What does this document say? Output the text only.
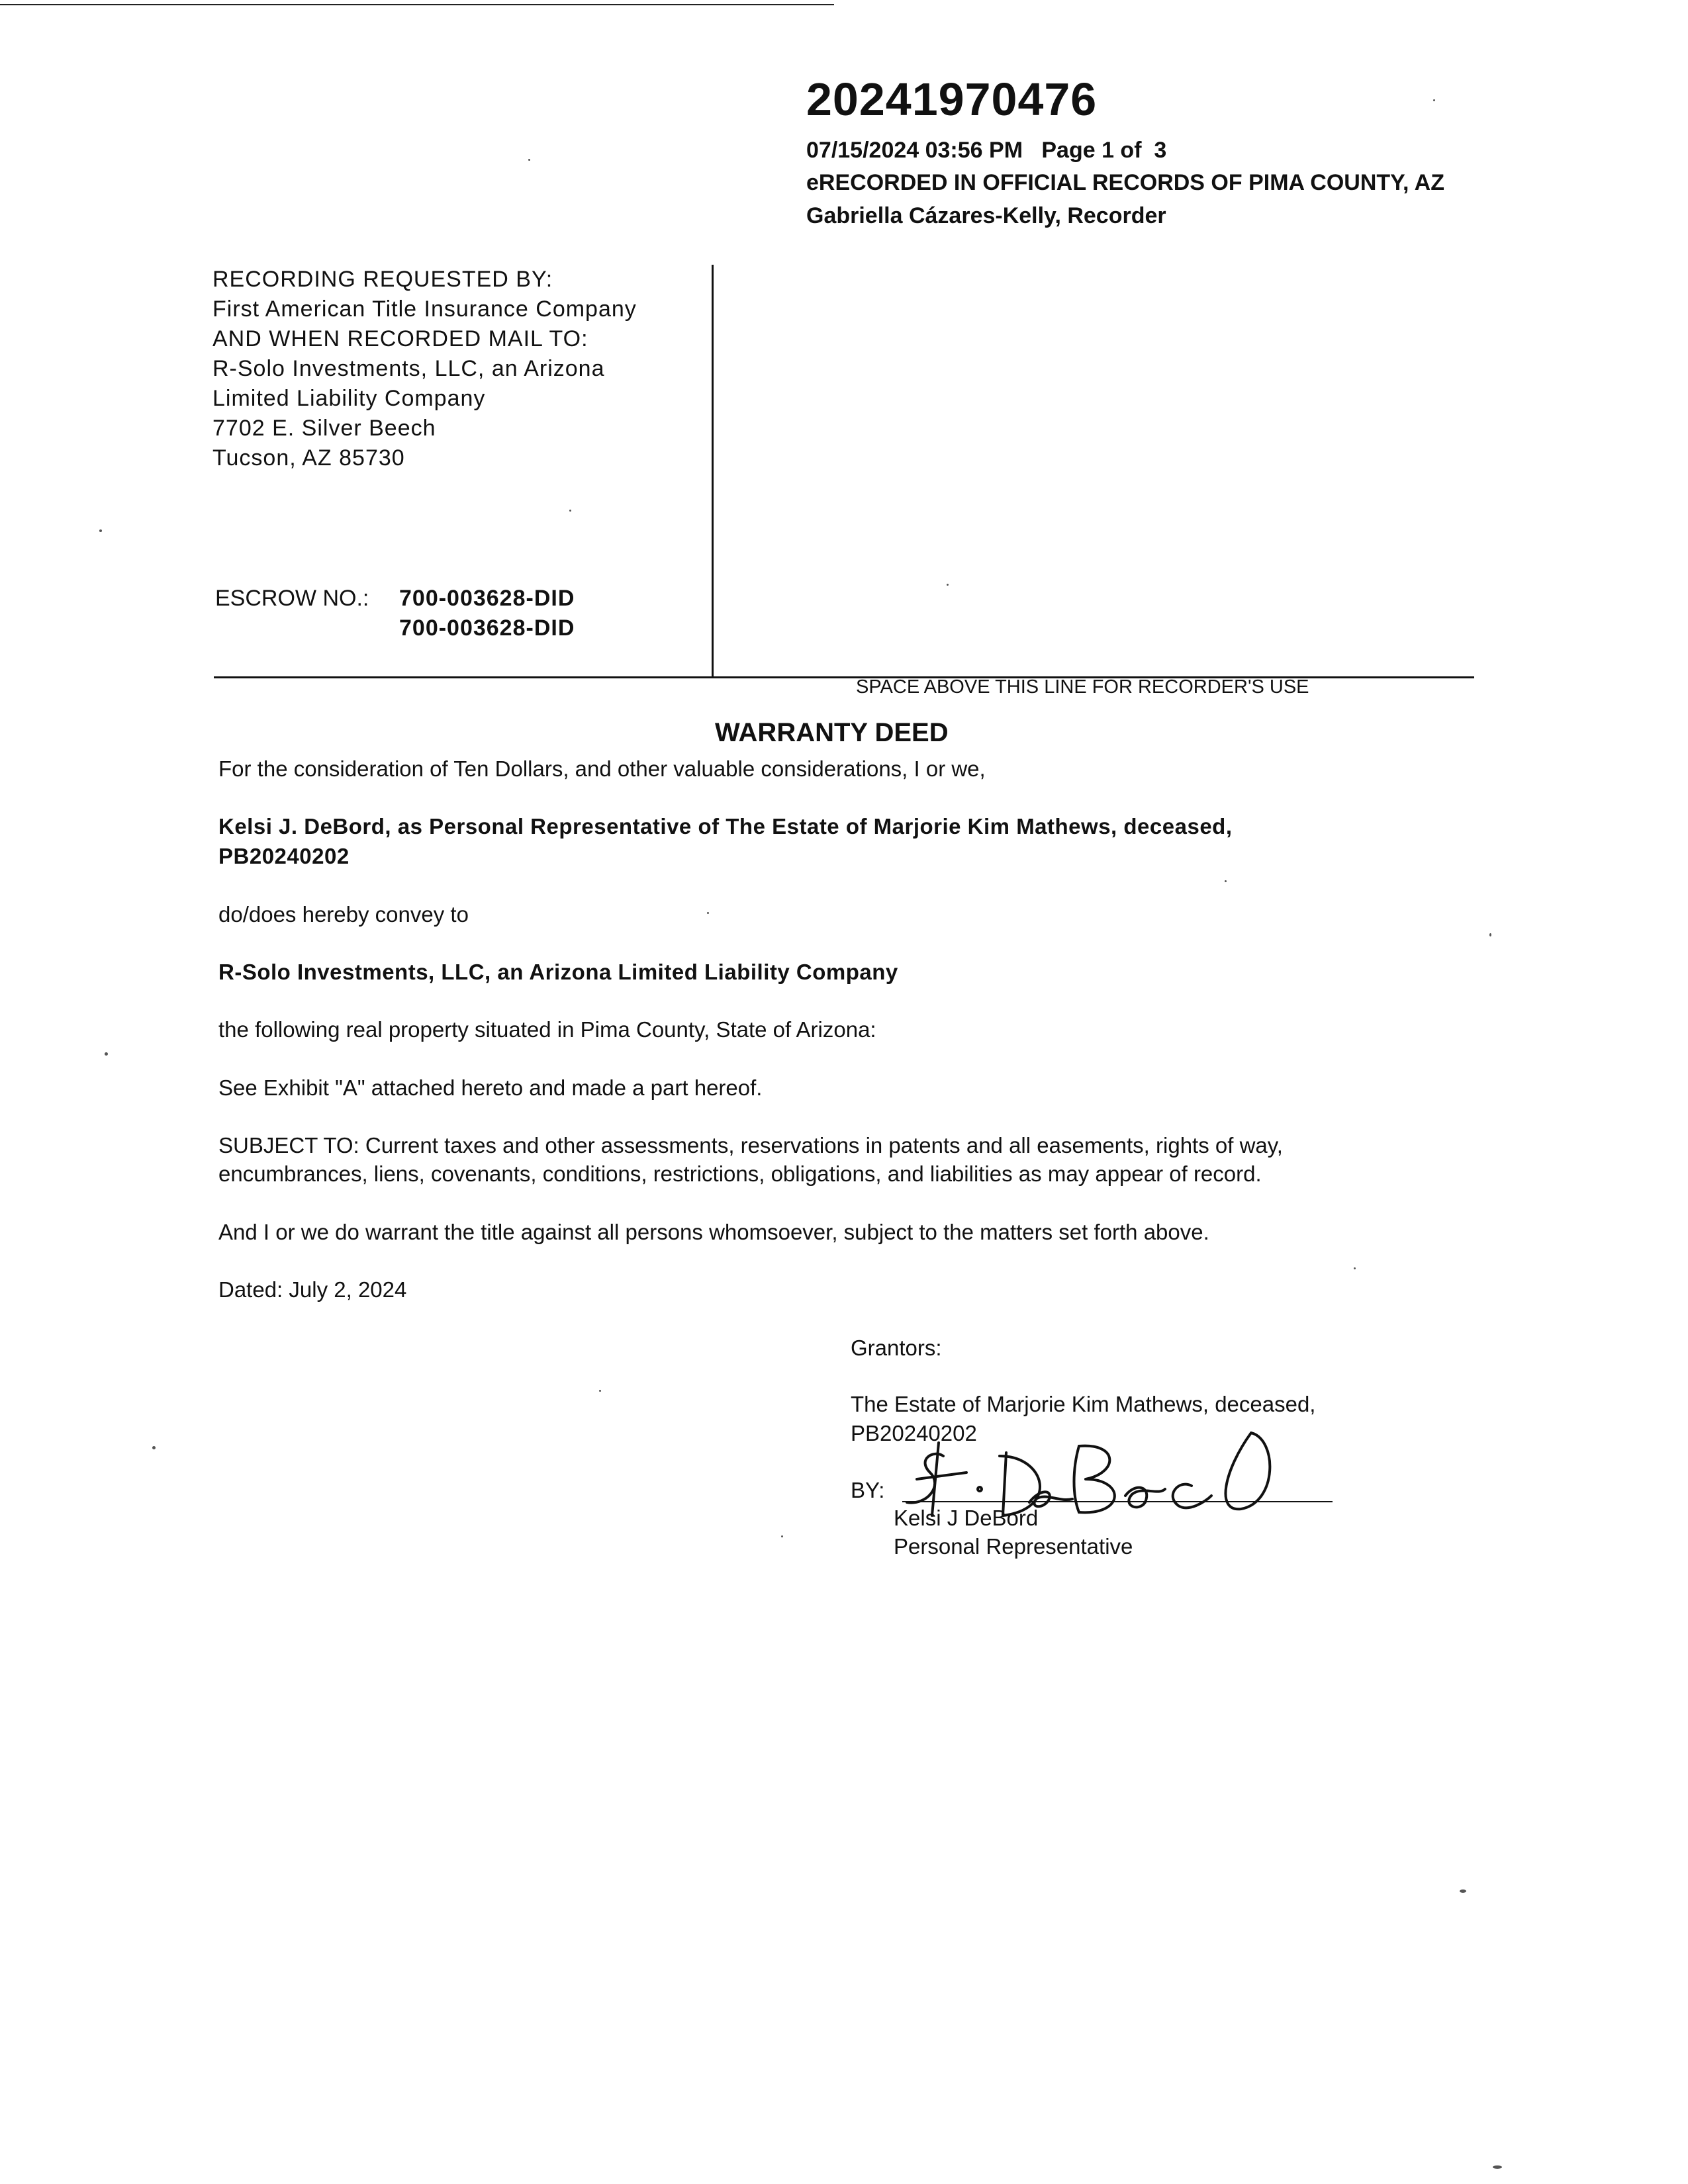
20241970476
07/15/2024 03:56 PM   Page 1 of  3
eRECORDED IN OFFICIAL RECORDS OF PIMA COUNTY, AZ
Gabriella Cázares-Kelly, Recorder
RECORDING REQUESTED BY:
First American Title Insurance Company
AND WHEN RECORDED MAIL TO:
R-Solo Investments, LLC, an Arizona
Limited Liability Company
7702 E. Silver Beech
Tucson, AZ 85730
ESCROW NO.: 700-003628-DID
700-003628-DID
SPACE ABOVE THIS LINE FOR RECORDER'S USE
WARRANTY DEED
For the consideration of Ten Dollars, and other valuable considerations, I or we,
Kelsi J. DeBord, as Personal Representative of The Estate of Marjorie Kim Mathews, deceased,
PB20240202
do/does hereby convey to
R-Solo Investments, LLC, an Arizona Limited Liability Company
the following real property situated in Pima County, State of Arizona:
See Exhibit "A" attached hereto and made a part hereof.
SUBJECT TO: Current taxes and other assessments, reservations in patents and all easements, rights of way,
encumbrances, liens, covenants, conditions, restrictions, obligations, and liabilities as may appear of record.
And I or we do warrant the title against all persons whomsoever, subject to the matters set forth above.
Dated: July 2, 2024
Grantors:
The Estate of Marjorie Kim Mathews, deceased,
PB20240202
BY:
Kelsi J DeBord
Personal Representative
